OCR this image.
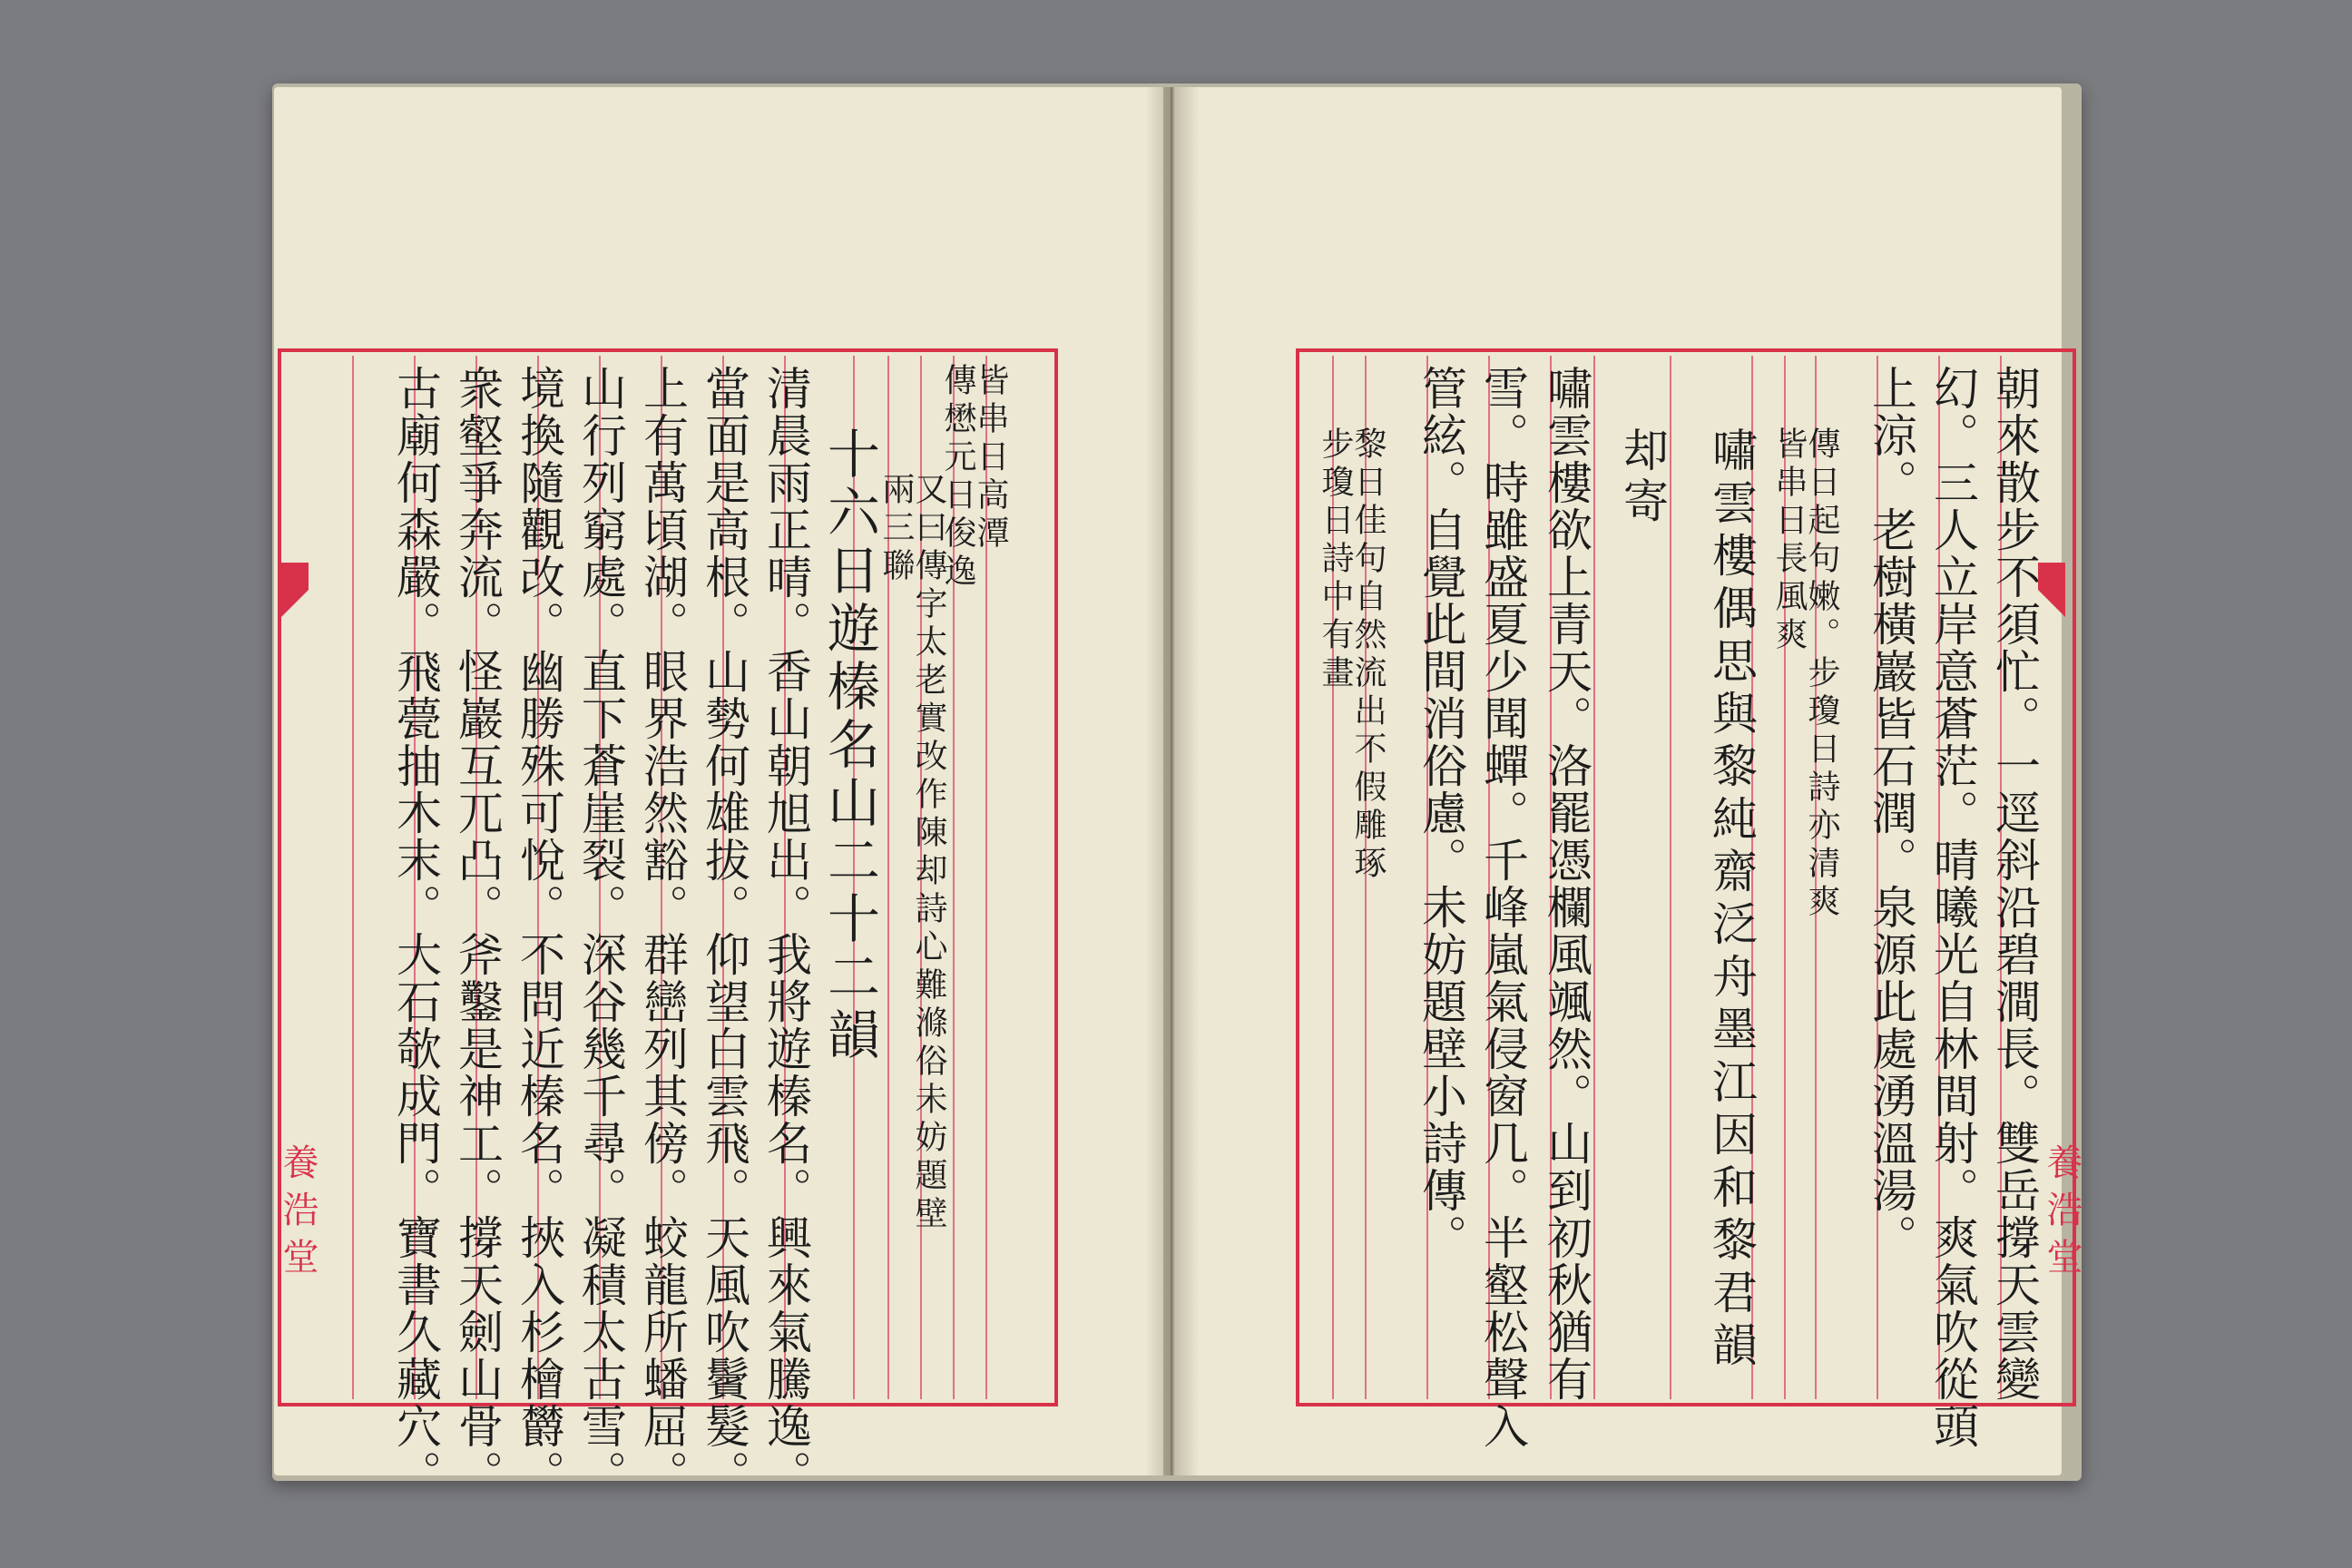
養浩堂	養浩堂
皆串日高潭
傳懋元日俊逸
又曰傳字太老實改作陳却詩心難滌俗未妨題壁
兩三聯
十六日遊榛名山二十二韻
清晨雨正晴。香山朝旭出。我將遊榛名。興來氣騰逸。
當面是高根。山勢何雄拔。仰望白雲飛。天風吹鬢髮。
上有萬頃湖。眼界浩然豁。群巒列其傍。蛟龍所蟠屈。
山行列窮處。直下蒼崖裂。深谷幾千尋。凝積太古雪。
境換隨觀改。幽勝殊可悅。不問近榛名。挾入杉檜欝。
衆壑爭奔流。怪巖互兀凸。斧鑿是神工。撐天劍山骨。
古廟何森嚴。飛甍抽木末。大石欹成門。寶書久藏穴。	朝來散步不須忙。一逕斜沿碧澗長。雙岳撐天雲變
幻。三人立岸意蒼茫。晴曦光自林間射。爽氣吹從頭
上涼。老樹橫巖皆石潤。泉源此處湧溫湯。
傳日起句嫩。步瓊日詩亦清爽
皆串日長風爽
嘯雲樓偶思與黎純齋泛舟墨江因和黎君韻
却寄
嘯雲樓欲上青天。洛罷憑欄風颯然。山到初秋猶有
雪。時雖盛夏少聞蟬。千峰嵐氣侵窗几。半壑松聲入
管絃。自覺此間消俗慮。未妨題壁小詩傳。
黎日佳句自然流出不假雕琢
步瓊日詩中有畫
